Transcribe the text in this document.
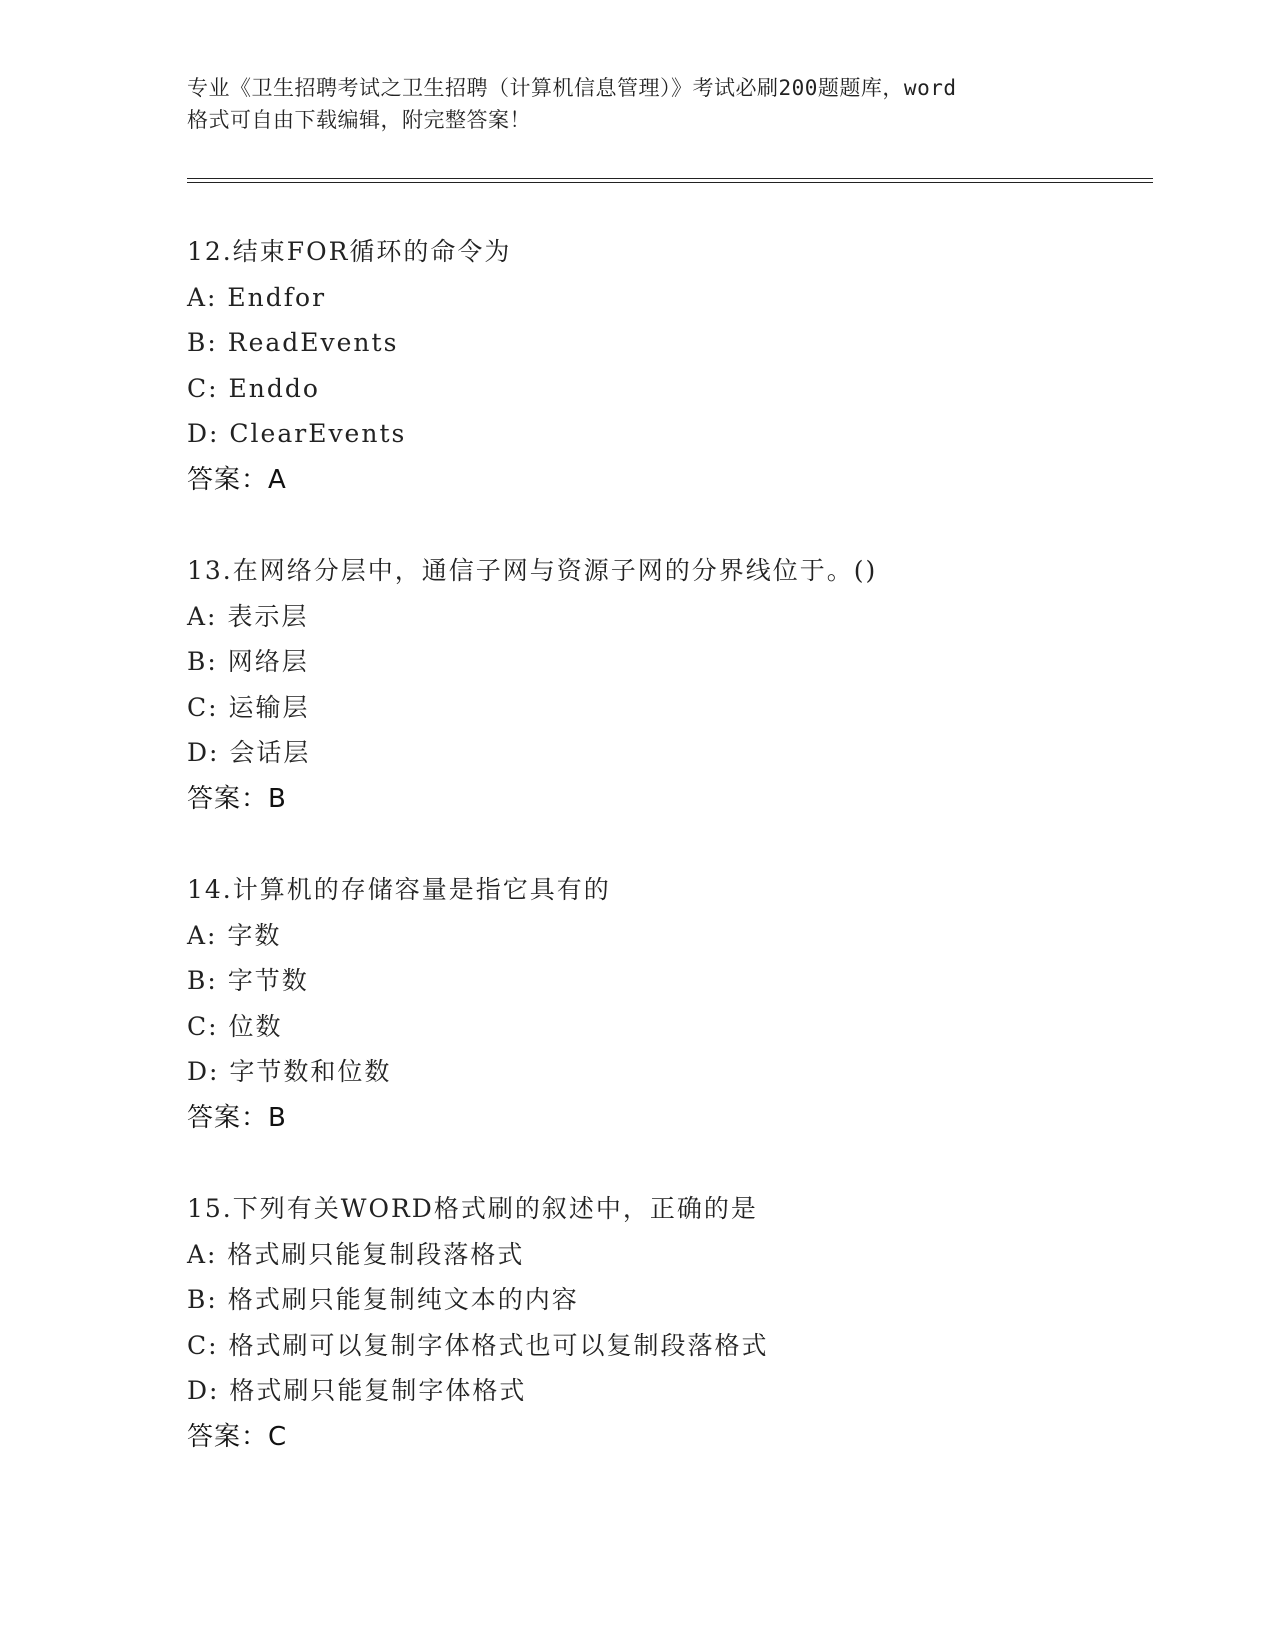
专业《卫生招聘考试之卫生招聘（计算机信息管理）》考试必刷200题题库，word

格式可自由下载编辑，附完整答案！

12.结束FOR循环的命令为
A: Endfor
B: ReadEvents
C: Enddo
D: ClearEvents
答案：A
13.在网络分层中，通信子网与资源子网的分界线位于。()
A: 表示层
B: 网络层
C: 运输层
D: 会话层
答案：B
14.计算机的存储容量是指它具有的
A: 字数
B: 字节数
C: 位数
D: 字节数和位数
答案：B
15.下列有关WORD格式刷的叙述中，正确的是
A: 格式刷只能复制段落格式
B: 格式刷只能复制纯文本的内容
C: 格式刷可以复制字体格式也可以复制段落格式
D: 格式刷只能复制字体格式
答案：C
